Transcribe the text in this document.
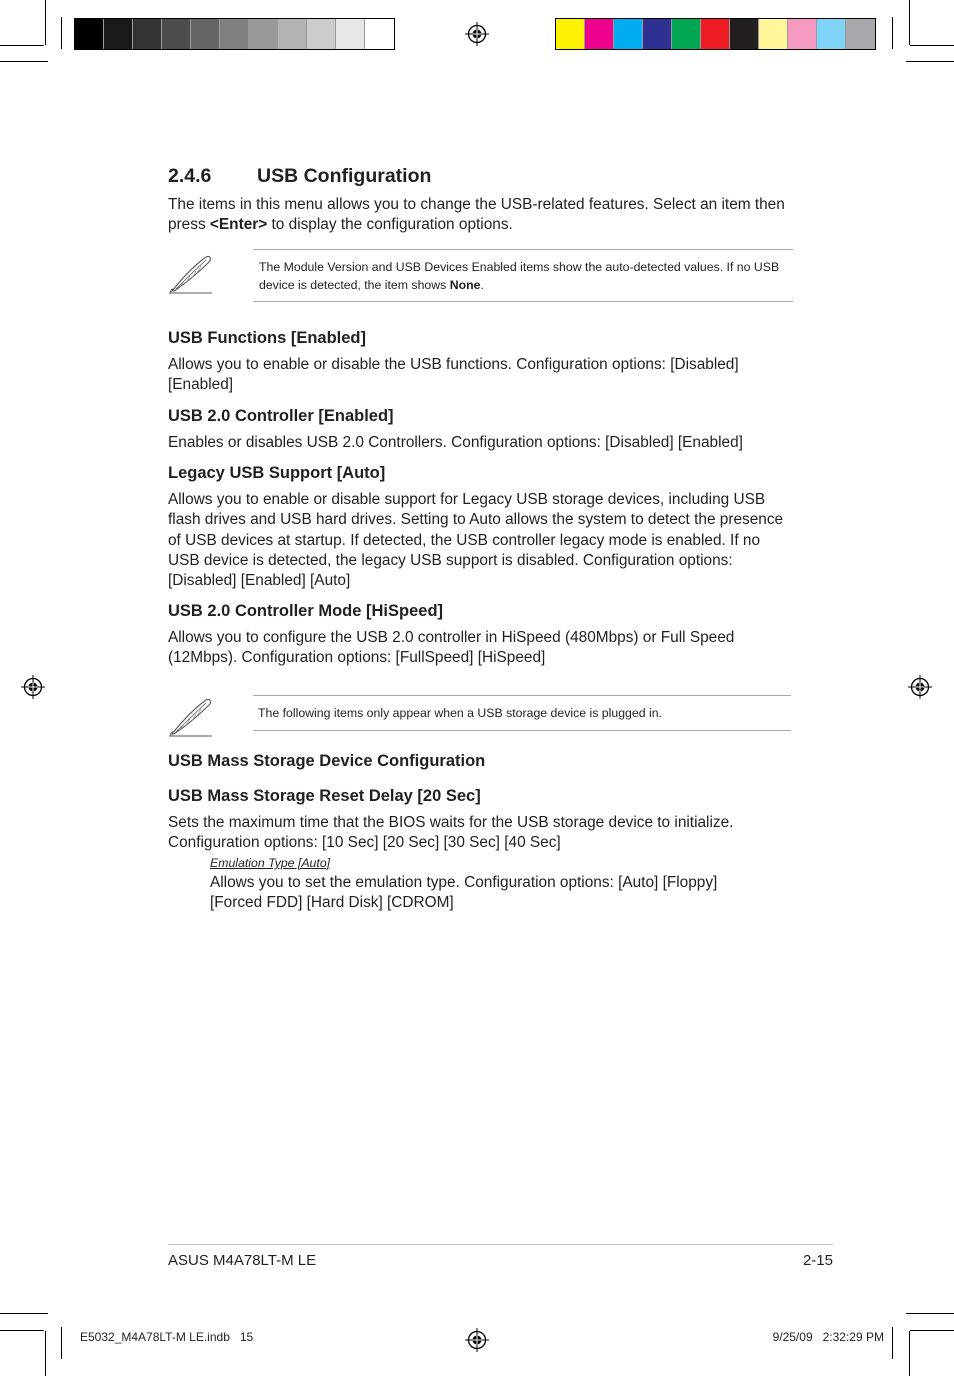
2.4.6 USB Configuration
The items in this menu allows you to change the USB-related features. Select an item then press <Enter> to display the configuration options.
The Module Version and USB Devices Enabled items show the auto-detected values. If no USB device is detected, the item shows None.
USB Functions [Enabled]
Allows you to enable or disable the USB functions. Configuration options: [Disabled] [Enabled]
USB 2.0 Controller [Enabled]
Enables or disables USB 2.0 Controllers. Configuration options: [Disabled] [Enabled]
Legacy USB Support [Auto]
Allows you to enable or disable support for Legacy USB storage devices, including USB flash drives and USB hard drives. Setting to Auto allows the system to detect the presence of USB devices at startup. If detected, the USB controller legacy mode is enabled. If no USB device is detected, the legacy USB support is disabled. Configuration options: [Disabled] [Enabled] [Auto]
USB 2.0 Controller Mode [HiSpeed]
Allows you to configure the USB 2.0 controller in HiSpeed (480Mbps) or Full Speed (12Mbps). Configuration options: [FullSpeed] [HiSpeed]
The following items only appear when a USB storage device is plugged in.
USB Mass Storage Device Configuration
USB Mass Storage Reset Delay [20 Sec]
Sets the maximum time that the BIOS waits for the USB storage device to initialize. Configuration options: [10 Sec] [20 Sec] [30 Sec] [40 Sec]
Emulation Type [Auto]
Allows you to set the emulation type. Configuration options: [Auto] [Floppy] [Forced FDD] [Hard Disk] [CDROM]
ASUS M4A78LT-M LE	2-15
E5032_M4A78LT-M LE.indb   15	9/25/09   2:32:29 PM
